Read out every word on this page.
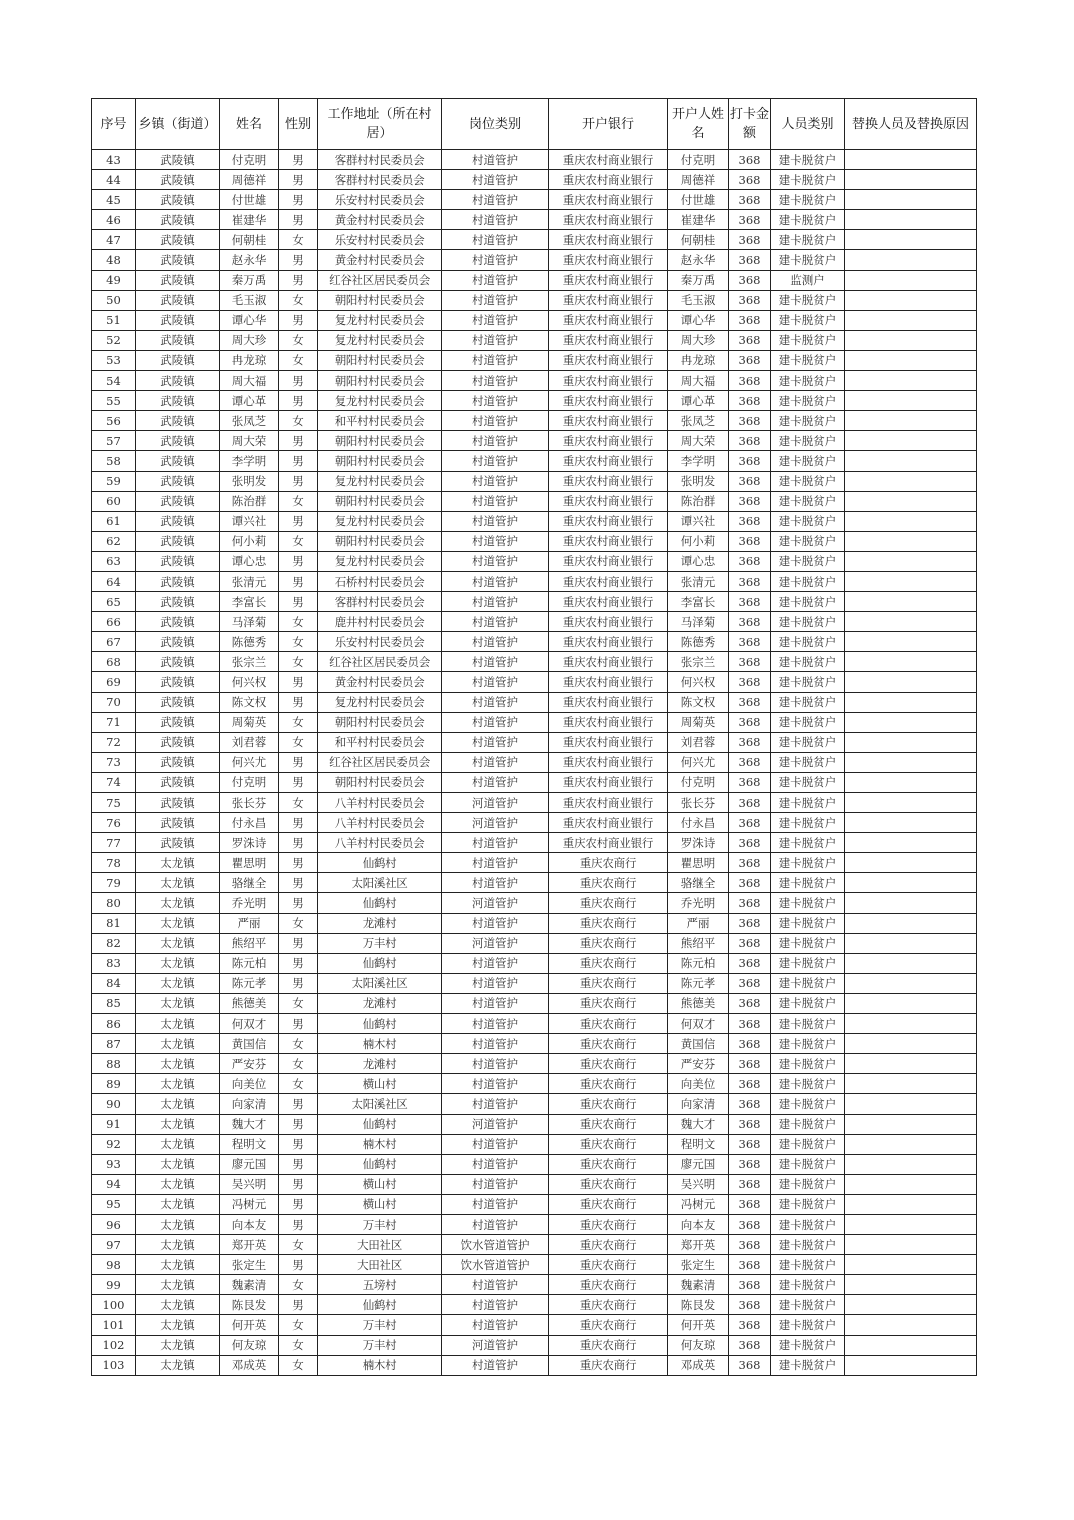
序号	乡镇（街道）	姓名	性别	工作地址（所在村居）	岗位类别	开户银行	开户人姓名	打卡金额	人员类别	替换人员及替换原因
43	武陵镇	付克明	男	客群村村民委员会	村道管护	重庆农村商业银行	付克明	368	建卡脱贫户	
44	武陵镇	周德祥	男	客群村村民委员会	村道管护	重庆农村商业银行	周德祥	368	建卡脱贫户	
45	武陵镇	付世雄	男	乐安村村民委员会	村道管护	重庆农村商业银行	付世雄	368	建卡脱贫户	
46	武陵镇	崔建华	男	黄金村村民委员会	村道管护	重庆农村商业银行	崔建华	368	建卡脱贫户	
47	武陵镇	何朝桂	女	乐安村村民委员会	村道管护	重庆农村商业银行	何朝桂	368	建卡脱贫户	
48	武陵镇	赵永华	男	黄金村村民委员会	村道管护	重庆农村商业银行	赵永华	368	建卡脱贫户	
49	武陵镇	秦万禹	男	红谷社区居民委员会	村道管护	重庆农村商业银行	秦万禹	368	监测户	
50	武陵镇	毛玉淑	女	朝阳村村民委员会	村道管护	重庆农村商业银行	毛玉淑	368	建卡脱贫户	
51	武陵镇	谭心华	男	复龙村村民委员会	村道管护	重庆农村商业银行	谭心华	368	建卡脱贫户	
52	武陵镇	周大珍	女	复龙村村民委员会	村道管护	重庆农村商业银行	周大珍	368	建卡脱贫户	
53	武陵镇	冉龙琼	女	朝阳村村民委员会	村道管护	重庆农村商业银行	冉龙琼	368	建卡脱贫户	
54	武陵镇	周大福	男	朝阳村村民委员会	村道管护	重庆农村商业银行	周大福	368	建卡脱贫户	
55	武陵镇	谭心革	男	复龙村村民委员会	村道管护	重庆农村商业银行	谭心革	368	建卡脱贫户	
56	武陵镇	张凤芝	女	和平村村民委员会	村道管护	重庆农村商业银行	张凤芝	368	建卡脱贫户	
57	武陵镇	周大荣	男	朝阳村村民委员会	村道管护	重庆农村商业银行	周大荣	368	建卡脱贫户	
58	武陵镇	李学明	男	朝阳村村民委员会	村道管护	重庆农村商业银行	李学明	368	建卡脱贫户	
59	武陵镇	张明发	男	复龙村村民委员会	村道管护	重庆农村商业银行	张明发	368	建卡脱贫户	
60	武陵镇	陈治群	女	朝阳村村民委员会	村道管护	重庆农村商业银行	陈治群	368	建卡脱贫户	
61	武陵镇	谭兴社	男	复龙村村民委员会	村道管护	重庆农村商业银行	谭兴社	368	建卡脱贫户	
62	武陵镇	何小莉	女	朝阳村村民委员会	村道管护	重庆农村商业银行	何小莉	368	建卡脱贫户	
63	武陵镇	谭心忠	男	复龙村村民委员会	村道管护	重庆农村商业银行	谭心忠	368	建卡脱贫户	
64	武陵镇	张清元	男	石桥村村民委员会	村道管护	重庆农村商业银行	张清元	368	建卡脱贫户	
65	武陵镇	李富长	男	客群村村民委员会	村道管护	重庆农村商业银行	李富长	368	建卡脱贫户	
66	武陵镇	马泽菊	女	鹿井村村民委员会	村道管护	重庆农村商业银行	马泽菊	368	建卡脱贫户	
67	武陵镇	陈德秀	女	乐安村村民委员会	村道管护	重庆农村商业银行	陈德秀	368	建卡脱贫户	
68	武陵镇	张宗兰	女	红谷社区居民委员会	村道管护	重庆农村商业银行	张宗兰	368	建卡脱贫户	
69	武陵镇	何兴权	男	黄金村村民委员会	村道管护	重庆农村商业银行	何兴权	368	建卡脱贫户	
70	武陵镇	陈文权	男	复龙村村民委员会	村道管护	重庆农村商业银行	陈文权	368	建卡脱贫户	
71	武陵镇	周菊英	女	朝阳村村民委员会	村道管护	重庆农村商业银行	周菊英	368	建卡脱贫户	
72	武陵镇	刘君蓉	女	和平村村民委员会	村道管护	重庆农村商业银行	刘君蓉	368	建卡脱贫户	
73	武陵镇	何兴尤	男	红谷社区居民委员会	村道管护	重庆农村商业银行	何兴尤	368	建卡脱贫户	
74	武陵镇	付克明	男	朝阳村村民委员会	村道管护	重庆农村商业银行	付克明	368	建卡脱贫户	
75	武陵镇	张长芬	女	八羊村村民委员会	河道管护	重庆农村商业银行	张长芬	368	建卡脱贫户	
76	武陵镇	付永昌	男	八羊村村民委员会	河道管护	重庆农村商业银行	付永昌	368	建卡脱贫户	
77	武陵镇	罗洙诗	男	八羊村村民委员会	村道管护	重庆农村商业银行	罗洙诗	368	建卡脱贫户	
78	太龙镇	瞿思明	男	仙鹤村	村道管护	重庆农商行	瞿思明	368	建卡脱贫户	
79	太龙镇	骆继全	男	太阳溪社区	村道管护	重庆农商行	骆继全	368	建卡脱贫户	
80	太龙镇	乔光明	男	仙鹤村	河道管护	重庆农商行	乔光明	368	建卡脱贫户	
81	太龙镇	严丽	女	龙滩村	村道管护	重庆农商行	严丽	368	建卡脱贫户	
82	太龙镇	熊绍平	男	万丰村	河道管护	重庆农商行	熊绍平	368	建卡脱贫户	
83	太龙镇	陈元柏	男	仙鹤村	村道管护	重庆农商行	陈元柏	368	建卡脱贫户	
84	太龙镇	陈元孝	男	太阳溪社区	村道管护	重庆农商行	陈元孝	368	建卡脱贫户	
85	太龙镇	熊德美	女	龙滩村	村道管护	重庆农商行	熊德美	368	建卡脱贫户	
86	太龙镇	何双才	男	仙鹤村	村道管护	重庆农商行	何双才	368	建卡脱贫户	
87	太龙镇	黄国信	女	楠木村	村道管护	重庆农商行	黄国信	368	建卡脱贫户	
88	太龙镇	严安芬	女	龙滩村	村道管护	重庆农商行	严安芬	368	建卡脱贫户	
89	太龙镇	向美位	女	横山村	村道管护	重庆农商行	向美位	368	建卡脱贫户	
90	太龙镇	向家清	男	太阳溪社区	村道管护	重庆农商行	向家清	368	建卡脱贫户	
91	太龙镇	魏大才	男	仙鹤村	河道管护	重庆农商行	魏大才	368	建卡脱贫户	
92	太龙镇	程明文	男	楠木村	村道管护	重庆农商行	程明文	368	建卡脱贫户	
93	太龙镇	廖元国	男	仙鹤村	村道管护	重庆农商行	廖元国	368	建卡脱贫户	
94	太龙镇	吴兴明	男	横山村	村道管护	重庆农商行	吴兴明	368	建卡脱贫户	
95	太龙镇	冯树元	男	横山村	村道管护	重庆农商行	冯树元	368	建卡脱贫户	
96	太龙镇	向本友	男	万丰村	村道管护	重庆农商行	向本友	368	建卡脱贫户	
97	太龙镇	郑开英	女	大田社区	饮水管道管护	重庆农商行	郑开英	368	建卡脱贫户	
98	太龙镇	张定生	男	大田社区	饮水管道管护	重庆农商行	张定生	368	建卡脱贫户	
99	太龙镇	魏素清	女	五塝村	村道管护	重庆农商行	魏素清	368	建卡脱贫户	
100	太龙镇	陈艮发	男	仙鹤村	村道管护	重庆农商行	陈艮发	368	建卡脱贫户	
101	太龙镇	何开英	女	万丰村	村道管护	重庆农商行	何开英	368	建卡脱贫户	
102	太龙镇	何友琼	女	万丰村	河道管护	重庆农商行	何友琼	368	建卡脱贫户	
103	太龙镇	邓成英	女	楠木村	村道管护	重庆农商行	邓成英	368	建卡脱贫户	
